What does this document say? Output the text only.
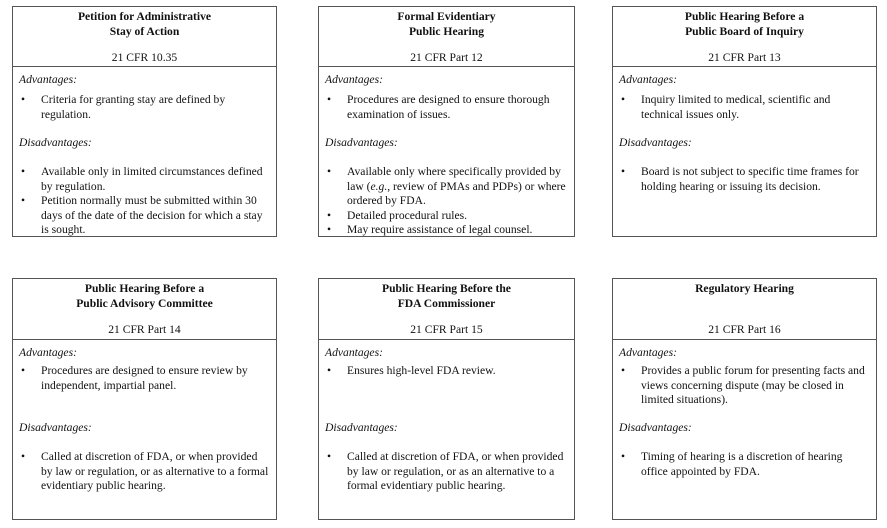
Petition for Administrative
Stay of Action
21 CFR 10.35
Advantages:
• Criteria for granting stay are defined by regulation.
Disadvantages:
• Available only in limited circumstances defined by regulation.
• Petition normally must be submitted within 30 days of the date of the decision for which a stay is sought.
Formal Evidentiary
Public Hearing
21 CFR Part 12
Advantages:
• Procedures are designed to ensure thorough examination of issues.
Disadvantages:
• Available only where specifically provided by law (e.g., review of PMAs and PDPs) or where ordered by FDA.
• Detailed procedural rules.
• May require assistance of legal counsel.
Public Hearing Before a
Public Board of Inquiry
21 CFR Part 13
Advantages:
• Inquiry limited to medical, scientific and technical issues only.
Disadvantages:
• Board is not subject to specific time frames for holding hearing or issuing its decision.
Public Hearing Before a
Public Advisory Committee
21 CFR Part 14
Advantages:
• Procedures are designed to ensure review by independent, impartial panel.
Disadvantages:
• Called at discretion of FDA, or when provided by law or regulation, or as alternative to a formal evidentiary public hearing.
Public Hearing Before the
FDA Commissioner
21 CFR Part 15
Advantages:
• Ensures high-level FDA review.
Disadvantages:
• Called at discretion of FDA, or when provided by law or regulation, or as an alternative to a formal evidentiary public hearing.
Regulatory Hearing
21 CFR Part 16
Advantages:
• Provides a public forum for presenting facts and views concerning dispute (may be closed in limited situations).
Disadvantages:
• Timing of hearing is a discretion of hearing office appointed by FDA.
